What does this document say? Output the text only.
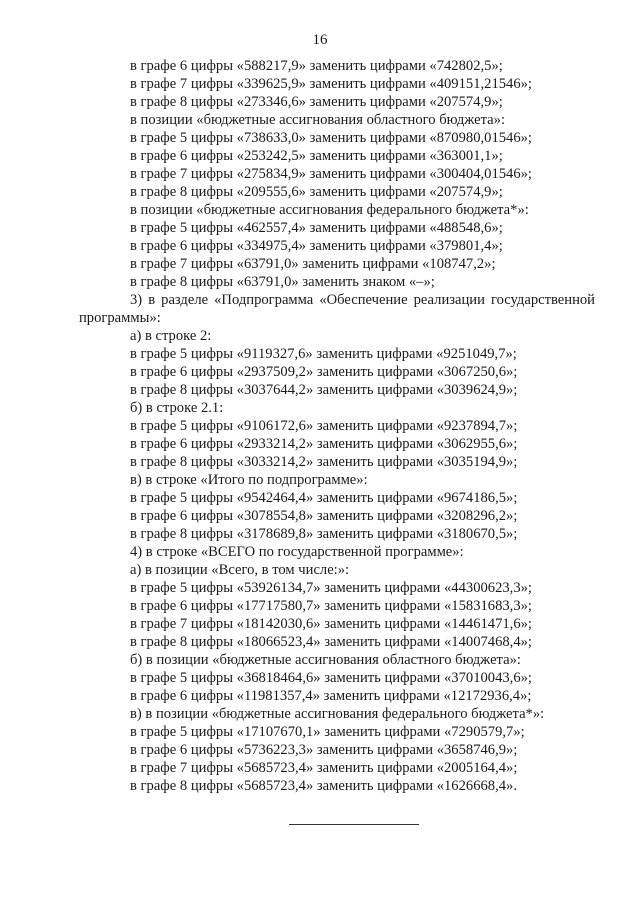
16
в графе 6 цифры «588217,9» заменить цифрами «742802,5»;
в графе 7 цифры «339625,9» заменить цифрами «409151,21546»;
в графе 8 цифры «273346,6» заменить цифрами «207574,9»;
в позиции «бюджетные ассигнования областного бюджета»:
в графе 5 цифры «738633,0» заменить цифрами «870980,01546»;
в графе 6 цифры «253242,5» заменить цифрами «363001,1»;
в графе 7 цифры «275834,9» заменить цифрами «300404,01546»;
в графе 8 цифры «209555,6» заменить цифрами «207574,9»;
в позиции «бюджетные ассигнования федерального бюджета*»:
в графе 5 цифры «462557,4» заменить цифрами «488548,6»;
в графе 6 цифры «334975,4» заменить цифрами «379801,4»;
в графе 7 цифры «63791,0» заменить цифрами «108747,2»;
в графе 8 цифры «63791,0» заменить знаком «–»;
3) в разделе «Подпрограмма «Обеспечение реализации государственной
программы»:
а) в строке 2:
в графе 5 цифры «9119327,6» заменить цифрами «9251049,7»;
в графе 6 цифры «2937509,2» заменить цифрами «3067250,6»;
в графе 8 цифры «3037644,2» заменить цифрами «3039624,9»;
б) в строке 2.1:
в графе 5 цифры «9106172,6» заменить цифрами «9237894,7»;
в графе 6 цифры «2933214,2» заменить цифрами «3062955,6»;
в графе 8 цифры «3033214,2» заменить цифрами «3035194,9»;
в) в строке «Итого по подпрограмме»:
в графе 5 цифры «9542464,4» заменить цифрами «9674186,5»;
в графе 6 цифры «3078554,8» заменить цифрами «3208296,2»;
в графе 8 цифры «3178689,8» заменить цифрами «3180670,5»;
4) в строке «ВСЕГО по государственной программе»:
а) в позиции «Всего, в том числе:»:
в графе 5 цифры «53926134,7» заменить цифрами «44300623,3»;
в графе 6 цифры «17717580,7» заменить цифрами «15831683,3»;
в графе 7 цифры «18142030,6» заменить цифрами «14461471,6»;
в графе 8 цифры «18066523,4» заменить цифрами «14007468,4»;
б) в позиции «бюджетные ассигнования областного бюджета»:
в графе 5 цифры «36818464,6» заменить цифрами «37010043,6»;
в графе 6 цифры «11981357,4» заменить цифрами «12172936,4»;
в) в позиции «бюджетные ассигнования федерального бюджета*»:
в графе 5 цифры «17107670,1» заменить цифрами «7290579,7»;
в графе 6 цифры «5736223,3» заменить цифрами «3658746,9»;
в графе 7 цифры «5685723,4» заменить цифрами «2005164,4»;
в графе 8 цифры «5685723,4» заменить цифрами «1626668,4».
